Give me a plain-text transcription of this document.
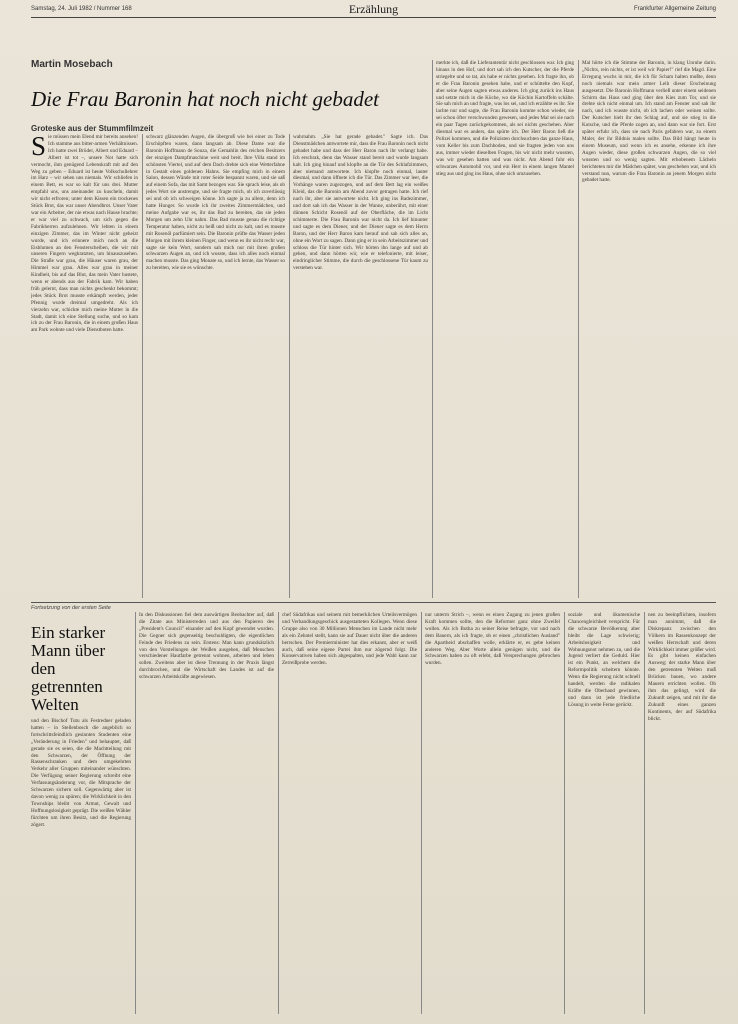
Samstag, 24. Juli 1982 / Nummer 168	Erzählung	Frankfurter Allgemeine Zeitung
Martin Mosebach
Die Frau Baronin hat noch nicht gebadet
Groteske aus der Stummfilmzeit
S ie müssen mein Elend mir bereits ansehen! Ich stamme aus bitter-armen Verhältnissen. Ich hatte zwei Brüder, Albert und Eduard – Albert ist tot –, unsere Not hatte sich vermocht, ihm genügend Lebenskraft mit auf den Weg zu geben – Eduard ist heute Volkschullehrer im Harz – wir sehen uns niemals. Wir schliefen in einem Bett, es war so kalt für uns drei. Mutter empfahl uns, uns aneinander zu kuscheln, damit wir nicht erfroren; unter dem Kissen ein trockenes Stück Brot, das war unser Abendbrot. Unser Vater war ein Arbeiter, der nie etwas nach Hause brachte; er war viel zu schwach, um sich gegen die Fabrikherren aufzulehnen. Wir lebten in einem einzigen Zimmer, das im Winter nicht geheizt wurde, und ich erinnere mich noch an die Eisblumen an den Fensterscheiben, die wir mit unseren Fingern wegkratzten, um hinauszusehen. Die Straße war grau, die Häuser waren grau, der Himmel war grau. Alles war grau in meiner Kindheit, bis auf das Blut, das mein Vater hustete, wenn er abends aus der Fabrik kam. Wir haben früh gelernt, dass man nichts geschenkt bekommt; jedes Stück Brot musste erkämpft werden, jeder Pfennig wurde dreimal umgedreht. Als ich vierzehn war, schickte mich meine Mutter in die Stadt, damit ich eine Stellung suche, und so kam ich zu der Frau Baronin, die in einem großen Haus am Park wohnte und viele Dienstboten hatte.

schwarz glänzenden Augen, die übergroß wie bei einer zu Tode Erschöpften waren, dann langsam ab. Diese Dame war die Baronin Hoffmann de Souza, die Gemahlin des reichen Besitzers der einzigen Dampfmaschine weit und breit. Ihre Villa stand im schönsten Viertel, und auf dem Dach drehte sich eine Wetterfahne in Gestalt eines goldenen Hahns. Sie empfing mich in einem Salon, dessen Wände mit roter Seide bespannt waren, und sie saß auf einem Sofa, das mit Samt bezogen war. Sie sprach leise, als ob jedes Wort sie anstrengte, und sie fragte mich, ob ich zuverlässig sei und ob ich schweigen könne. Ich sagte ja zu allem, denn ich hatte Hunger. So wurde ich ihr zweites Zimmermädchen, und meine Aufgabe war es, ihr das Bad zu bereiten, das sie jeden Morgen um zehn Uhr nahm. Das Bad musste genau die richtige Temperatur haben, nicht zu heiß und nicht zu kalt, und es musste mit Rosenöl parfümiert sein. Die Baronin prüfte das Wasser jeden Morgen mit ihrem kleinen Finger, und wenn es ihr nicht recht war, sagte sie kein Wort, sondern sah mich nur mit ihren großen schwarzen Augen an, und ich wusste, dass ich alles noch einmal machen musste. Das ging Monate so, und ich lernte, das Wasser so zu bereiten, wie sie es wünschte.

wahrnahm. „Sie hat gerade gebadet." Sagte ich. Das Dienstmädchen antwortete mir, dass die Frau Baronin noch nicht gebadet habe und dass der Herr Baron nach ihr verlangt habe. Ich erschrak, denn das Wasser stand bereit und wurde langsam kalt. Ich ging hinauf und klopfte an die Tür des Schlafzimmers, aber niemand antwortete. Ich klopfte noch einmal, lauter diesmal, und dann öffnete ich die Tür. Das Zimmer war leer, die Vorhänge waren zugezogen, und auf dem Bett lag ein weißes Kleid, das die Baronin am Abend zuvor getragen hatte. Ich rief nach ihr, aber sie antwortete nicht. Ich ging ins Badezimmer, und dort sah ich das Wasser in der Wanne, unberührt, mit einer dünnen Schicht Rosenöl auf der Oberfläche, die im Licht schimmerte. Die Frau Baronin war nicht da. Ich lief hinunter und sagte es dem Diener, und der Diener sagte es dem Herrn Baron, und der Herr Baron kam herauf und sah sich alles an, ohne ein Wort zu sagen. Dann ging er in sein Arbeitszimmer und schloss die Tür hinter sich. Wir hörten ihn lange auf und ab gehen, und dann hörten wir, wie er telefonierte, mit leiser, eindringlicher Stimme, die durch die geschlossene Tür kaum zu verstehen war.

merkte ich, daß die Lieferantentür nicht geschlossen war. Ich ging hinaus in den Hof, und dort sah ich den Kutscher, der die Pferde striegelte und so tat, als habe er nichts gesehen. Ich fragte ihn, ob er die Frau Baronin gesehen habe, und er schüttelte den Kopf, aber seine Augen sagten etwas anderes. Ich ging zurück ins Haus und setzte mich in die Küche, wo die Köchin Kartoffeln schälte. Sie sah mich an und fragte, was los sei, und ich erzählte es ihr. Sie lachte nur und sagte, die Frau Baronin komme schon wieder, sie sei schon öfter verschwunden gewesen, und jedes Mal sei sie nach ein paar Tagen zurückgekommen, als sei nichts geschehen. Aber diesmal war es anders, das spürte ich. Der Herr Baron ließ die Polizei kommen, und die Polizisten durchsuchten das ganze Haus, vom Keller bis zum Dachboden, und sie fragten jeden von uns aus, immer wieder dieselben Fragen, bis wir nicht mehr wussten, was wir gesehen hatten und was nicht. Am Abend fuhr ein schwarzes Automobil vor, und ein Herr in einem langen Mantel stieg aus und ging ins Haus, ohne sich umzusehen.

Mal hörte ich die Stimme der Baronin, in klang Unruhe darin. „Nichts, rein nichts, er ist weil wir Papier!" rief die Magd. Eine Erregung wuchs in mir, die ich für Scham halten mußte, denn noch niemals war mein armer Leib dieser Erscheinung ausgesetzt. Die Baronin Hoffmann verließ unter einem seidenen Schirm das Haus und ging über den Kies zum Tor, und sie drehte sich nicht einmal um. Ich stand am Fenster und sah ihr nach, und ich wusste nicht, ob ich lachen oder weinen sollte. Der Kutscher hielt ihr den Schlag auf, und sie stieg in die Kutsche, und die Pferde zogen an, und dann war sie fort. Erst später erfuhr ich, dass sie nach Paris gefahren war, zu einem Maler, der ihr Bildnis malen sollte. Das Bild hängt heute in einem Museum, und wenn ich es ansehe, erkenne ich ihre Augen wieder, diese großen schwarzen Augen, die so viel wussten und so wenig sagten. Mit erhobenem Lächeln berichteten mir die Mädchen später, was geschehen war, und ich verstand nun, warum die Frau Baronin an jenem Morgen nicht gebadet hatte.

Fortsetzung von der ersten Seite
Ein starker Mann über den getrennten Welten

und den Bischof Tutu als Festredner geladen hatten – in Stellenbosch die angeblich so fortschrittsfeindlich gesinnten Studenten eine „Veränderung in Frieden" und behauptet, daß gerade sie es seien, die die Machtteilung mit den Schwarzen, der Öffnung der Rassenschranken und dem umgekehrten Verkehr aller Gruppen miteinander wünschten. Die Verfügung seiner Regierung schreibt eine Verfassungsänderung vor, die Mitsprache der Schwarzen sichern soll. Gegenwärtig aber ist davon wenig zu spüren; die Wirklichkeit in den Townships bleibt von Armut, Gewalt und Hoffnungslosigkeit geprägt. Die weißen Wähler fürchten um ihren Besitz, und die Regierung zögert.

In den Diskussionen fiel dem auswärtigen Beobachter auf, daß die Zitate aus Ministerreden und aus den Papieren des „President's Council" einander auf den Kopf gewendet wurden. Die Gegner sich gegenseitig beschuldigten, die eigentlichen Feinde des Friedens zu sein. Erstens: Man kann grundsätzlich von den Vorstellungen der Weißen ausgehen, daß Menschen verschiedener Hautfarbe getrennt wohnen, arbeiten und leben sollen. Zweitens aber ist diese Trennung in der Praxis längst durchbrochen, und die Wirtschaft des Landes ist auf die schwarzen Arbeitskräfte angewiesen.

chef Südafrikas und seinem mit bemerklichen Urteilsvermögen und Verhandlungsgeschick ausgestatteten Kollegen. Wenn diese Gruppe also von 30 Millionen Menschen im Lande nicht mehr als ein Zehntel stellt, kann sie auf Dauer nicht über die anderen herrschen. Der Premierminister hat dies erkannt, aber er weiß auch, daß seine eigene Partei ihm nur zögernd folgt. Die Konservativen haben sich abgespalten, und jede Wahl kann zur Zerreißprobe werden.

nur unterm Strich –, wenn es einen Zugang zu jenen großen Kraft kommen sollte, den die Reformer ganz ohne Zweifel wollen. Als ich Botha zu seiner Reise befragte, vor und nach dem Bauern, als ich fragte, ob er einen „christlichen Ausland" die Apartheid abschaffen wolle, erklärte er, es gebe keinen anderen Weg. Aber Worte allein genügen nicht, und die Schwarzen haben zu oft erlebt, daß Versprechungen gebrochen wurden.

soziale und ökumenische Chancengleichheit verspricht. Für die schwarze Bevölkerung aber bleibt die Lage schwierig; Arbeitslosigkeit und Wohnungsnot nehmen zu, und die Jugend verliert die Geduld. Hier ist ein Punkt, an welchem die Reformpolitik scheitern könnte. Wenn die Regierung nicht schnell handelt, werden die radikalen Kräfte die Oberhand gewinnen, und dann ist jede friedliche Lösung in weite Ferne gerückt.

nen zu beeinpflichten, insofern man annimmt, daß die Diskrepanz zwischen den Völkern im Rassenkonzept der weißen Herrschaft und deren Wirklichkeit immer größer wird. Es gibt keinen einfachen Ausweg; der starke Mann über den getrennten Welten muß Brücken bauen, wo andere Mauern errichten wollen. Ob ihm das gelingt, wird die Zukunft zeigen, und mit ihr die Zukunft eines ganzen Kontinents, der auf Südafrika blickt.
